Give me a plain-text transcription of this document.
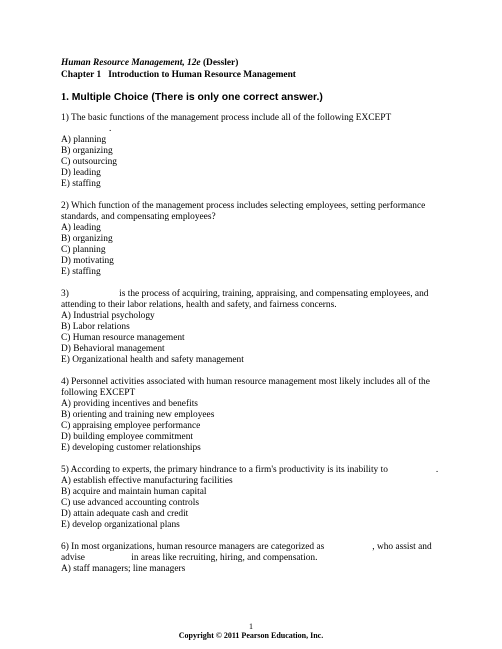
Human Resource Management, 12e (Dessler)
Chapter 1 Introduction to Human Resource Management
1. Multiple Choice (There is only one correct answer.)
1) The basic functions of the management process include all of the following EXCEPT
.
A) planning
B) organizing
C) outsourcing
D) leading
E) staffing
2) Which function of the management process includes selecting employees, setting performance standards, and compensating employees?
A) leading
B) organizing
C) planning
D) motivating
E) staffing
3)	is the process of acquiring, training, appraising, and compensating employees, and attending to their labor relations, health and safety, and fairness concerns.
A) Industrial psychology
B) Labor relations
C) Human resource management
D) Behavioral management
E) Organizational health and safety management
4) Personnel activities associated with human resource management most likely includes all of the following EXCEPT
A) providing incentives and benefits
B) orienting and training new employees
C) appraising employee performance
D) building employee commitment
E) developing customer relationships
5) According to experts, the primary hindrance to a firm's productivity is its inability to	.
A) establish effective manufacturing facilities
B) acquire and maintain human capital
C) use advanced accounting controls
D) attain adequate cash and credit
E) develop organizational plans
6) In most organizations, human resource managers are categorized as	, who assist and advise	in areas like recruiting, hiring, and compensation.
A) staff managers; line managers
1
Copyright © 2011 Pearson Education, Inc.
